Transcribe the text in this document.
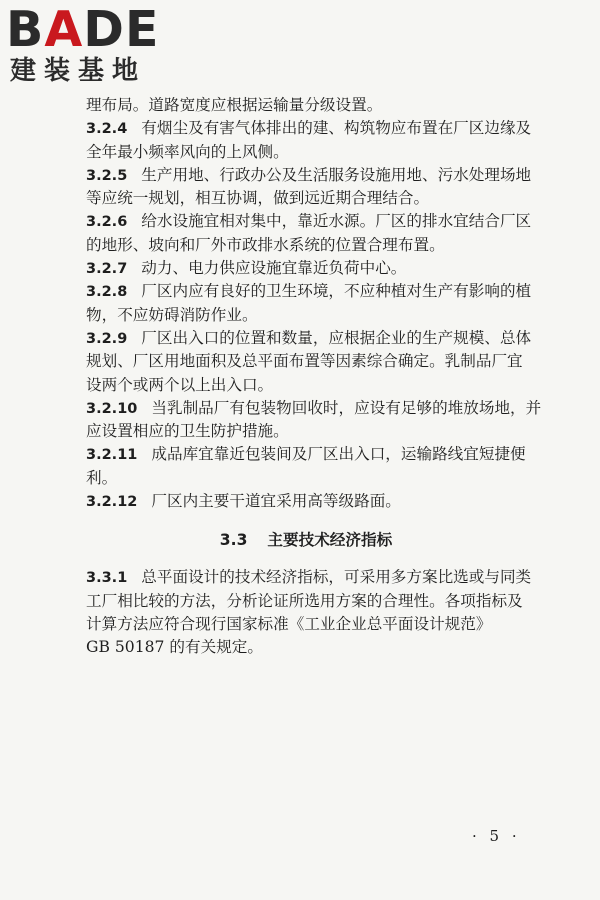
BADE
建装基地
理布局。道路宽度应根据运输量分级设置。
3.2.4 有烟尘及有害气体排出的建、构筑物应布置在厂区边缘及
全年最小频率风向的上风侧。
3.2.5 生产用地、行政办公及生活服务设施用地、污水处理场地
等应统一规划，相互协调，做到远近期合理结合。
3.2.6 给水设施宜相对集中，靠近水源。厂区的排水宜结合厂区
的地形、坡向和厂外市政排水系统的位置合理布置。
3.2.7 动力、电力供应设施宜靠近负荷中心。
3.2.8 厂区内应有良好的卫生环境，不应种植对生产有影响的植
物，不应妨碍消防作业。
3.2.9 厂区出入口的位置和数量，应根据企业的生产规模、总体
规划、厂区用地面积及总平面布置等因素综合确定。乳制品厂宜
设两个或两个以上出入口。
3.2.10 当乳制品厂有包装物回收时，应设有足够的堆放场地，并
应设置相应的卫生防护措施。
3.2.11 成品库宜靠近包装间及厂区出入口，运输路线宜短捷便
利。
3.2.12 厂区内主要干道宜采用高等级路面。
3.3 主要技术经济指标
3.3.1 总平面设计的技术经济指标，可采用多方案比选或与同类
工厂相比较的方法，分析论证所选用方案的合理性。各项指标及
计算方法应符合现行国家标准《工业企业总平面设计规范》
GB 50187 的有关规定。
· 5 ·
